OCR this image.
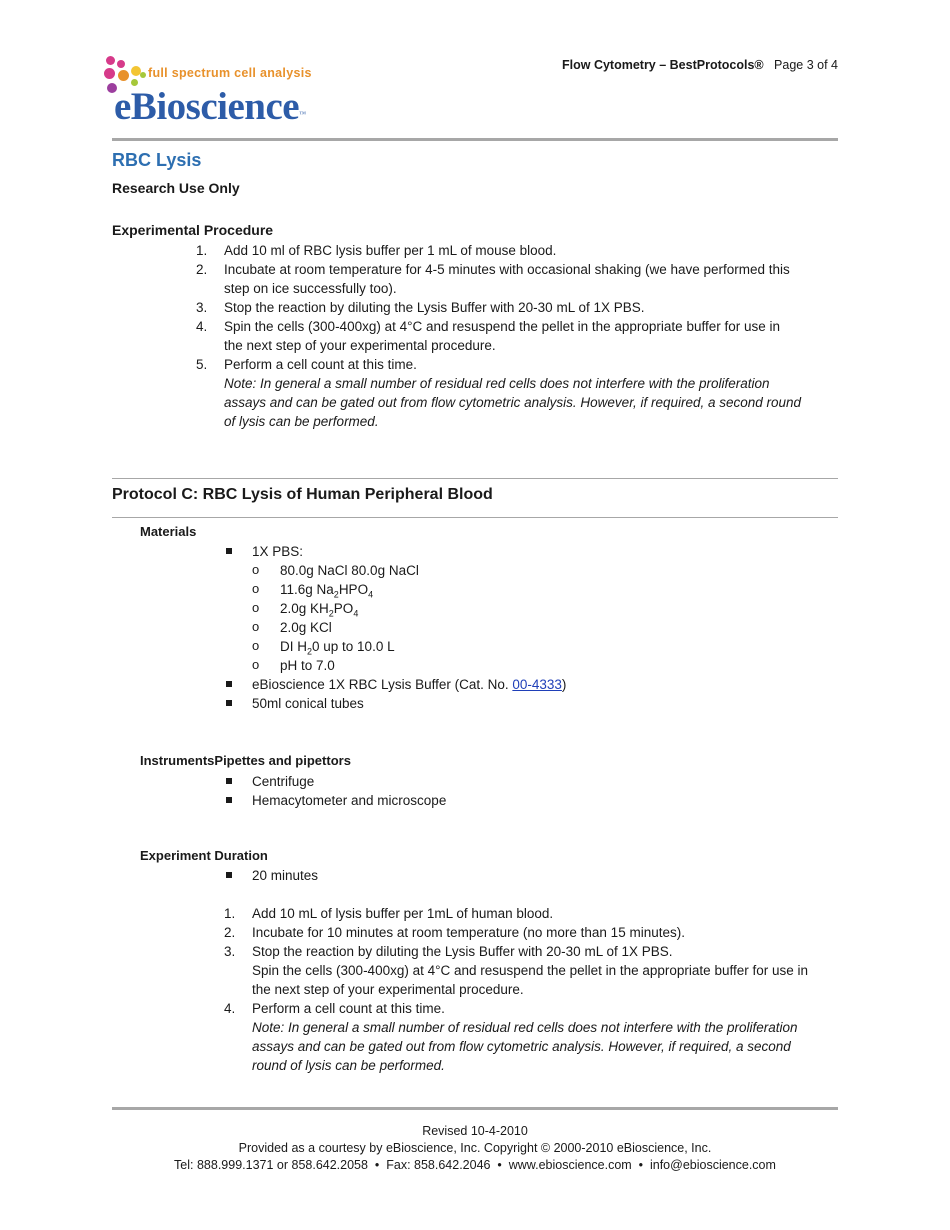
full spectrum cell analysis
eBioscience™
Flow Cytometry – BestProtocols® Page 3 of 4
RBC Lysis
Research Use Only
Experimental Procedure
1. Add 10 ml of RBC lysis buffer per 1 mL of mouse blood.
2. Incubate at room temperature for 4-5 minutes with occasional shaking (we have performed this
step on ice successfully too).
3. Stop the reaction by diluting the Lysis Buffer with 20-30 mL of 1X PBS.
4. Spin the cells (300-400xg) at 4°C and resuspend the pellet in the appropriate buffer for use in
the next step of your experimental procedure.
5. Perform a cell count at this time.
Note: In general a small number of residual red cells does not interfere with the proliferation
assays and can be gated out from flow cytometric analysis. However, if required, a second round
of lysis can be performed.
Protocol C: RBC Lysis of Human Peripheral Blood
Materials
1X PBS:
o 80.0g NaCl 80.0g NaCl
o 11.6g $Na_2HPO_4$
o 2.0g $KH_2PO_4$
o 2.0g KCl
o DI $H_20$ up to 10.0 L
o pH to 7.0
eBioscience 1X RBC Lysis Buffer (Cat. No. 00-4333)
50ml conical tubes
InstrumentsPipettes and pipettors
Centrifuge
Hemacytometer and microscope
Experiment Duration
20 minutes
1. Add 10 mL of lysis buffer per 1mL of human blood.
2. Incubate for 10 minutes at room temperature (no more than 15 minutes).
3. Stop the reaction by diluting the Lysis Buffer with 20-30 mL of 1X PBS.
Spin the cells (300-400xg) at 4°C and resuspend the pellet in the appropriate buffer for use in
the next step of your experimental procedure.
4. Perform a cell count at this time.
Note: In general a small number of residual red cells does not interfere with the proliferation
assays and can be gated out from flow cytometric analysis. However, if required, a second
round of lysis can be performed.
Revised 10-4-2010
Provided as a courtesy by eBioscience, Inc. Copyright © 2000-2010 eBioscience, Inc.
Tel: 888.999.1371 or 858.642.2058  •  Fax: 858.642.2046  •  www.ebioscience.com  •  info@ebioscience.com
